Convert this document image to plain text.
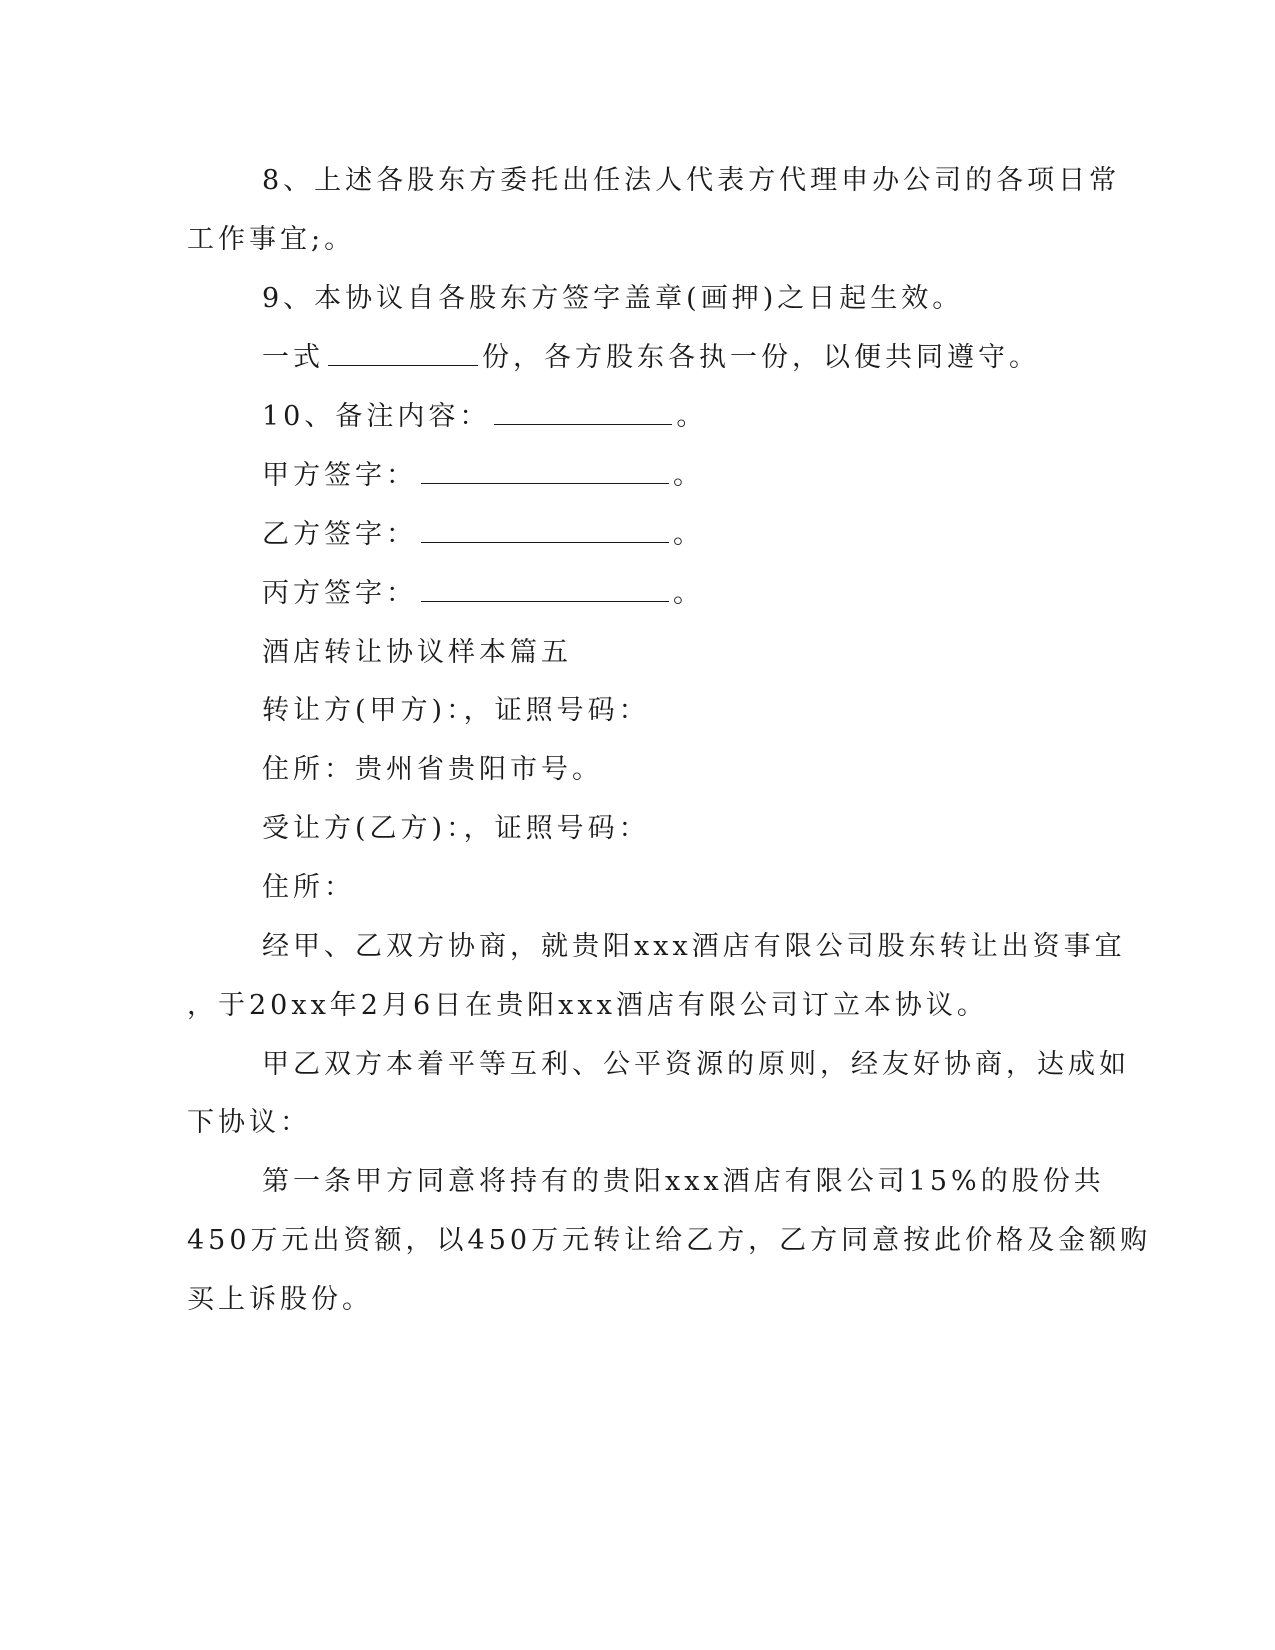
8、上述各股东方委托出任法人代表方代理申办公司的各项日常
工作事宜;。
9、本协议自各股东方签字盖章(画押)之日起生效。
一式	份，各方股东各执一份，以便共同遵守。
10、备注内容：	。
甲方签字：	。
乙方签字：	。
丙方签字：	。
酒店转让协议样本篇五
转让方(甲方)：，证照号码：
住所：贵州省贵阳市号。
受让方(乙方)：，证照号码：
住所：
经甲、乙双方协商，就贵阳xxx酒店有限公司股东转让出资事宜
，于20xx年2月6日在贵阳xxx酒店有限公司订立本协议。
甲乙双方本着平等互利、公平资源的原则，经友好协商，达成如
下协议：
第一条甲方同意将持有的贵阳xxx酒店有限公司15%的股份共
450万元出资额，以450万元转让给乙方，乙方同意按此价格及金额购
买上诉股份。
